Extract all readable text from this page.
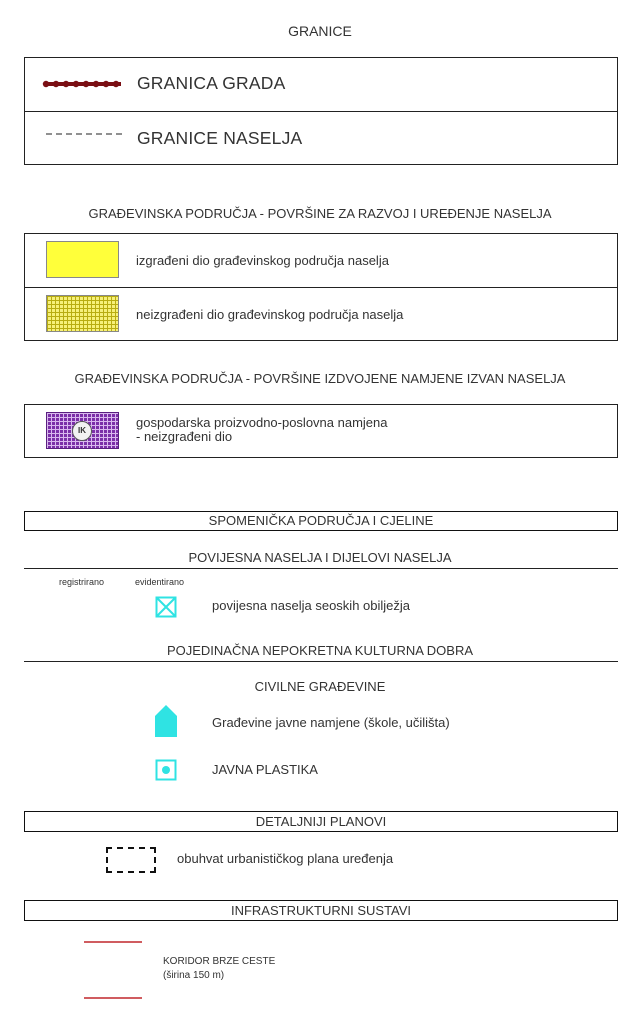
GRANICE
GRANICA GRADA
GRANICE NASELJA
GRAĐEVINSKA PODRUČJA - POVRŠINE ZA RAZVOJ I UREĐENJE NASELJA
izgrađeni dio građevinskog područja naselja
neizgrađeni dio građevinskog područja naselja
GRAĐEVINSKA PODRUČJA - POVRŠINE IZDVOJENE NAMJENE IZVAN NASELJA
IK
gospodarska proizvodno-poslovna namjena
- neizgrađeni dio
SPOMENIČKA PODRUČJA I CJELINE
POVIJESNA NASELJA I DIJELOVI NASELJA
registrirano	evidentirano
povijesna naselja seoskih obilježja
POJEDINAČNA NEPOKRETNA KULTURNA DOBRA
CIVILNE GRAĐEVINE
Građevine javne namjene (škole, učilišta)
JAVNA PLASTIKA
DETALJNIJI PLANOVI
obuhvat urbanističkog plana uređenja
INFRASTRUKTURNI SUSTAVI
KORIDOR BRZE CESTE
(širina 150 m)
